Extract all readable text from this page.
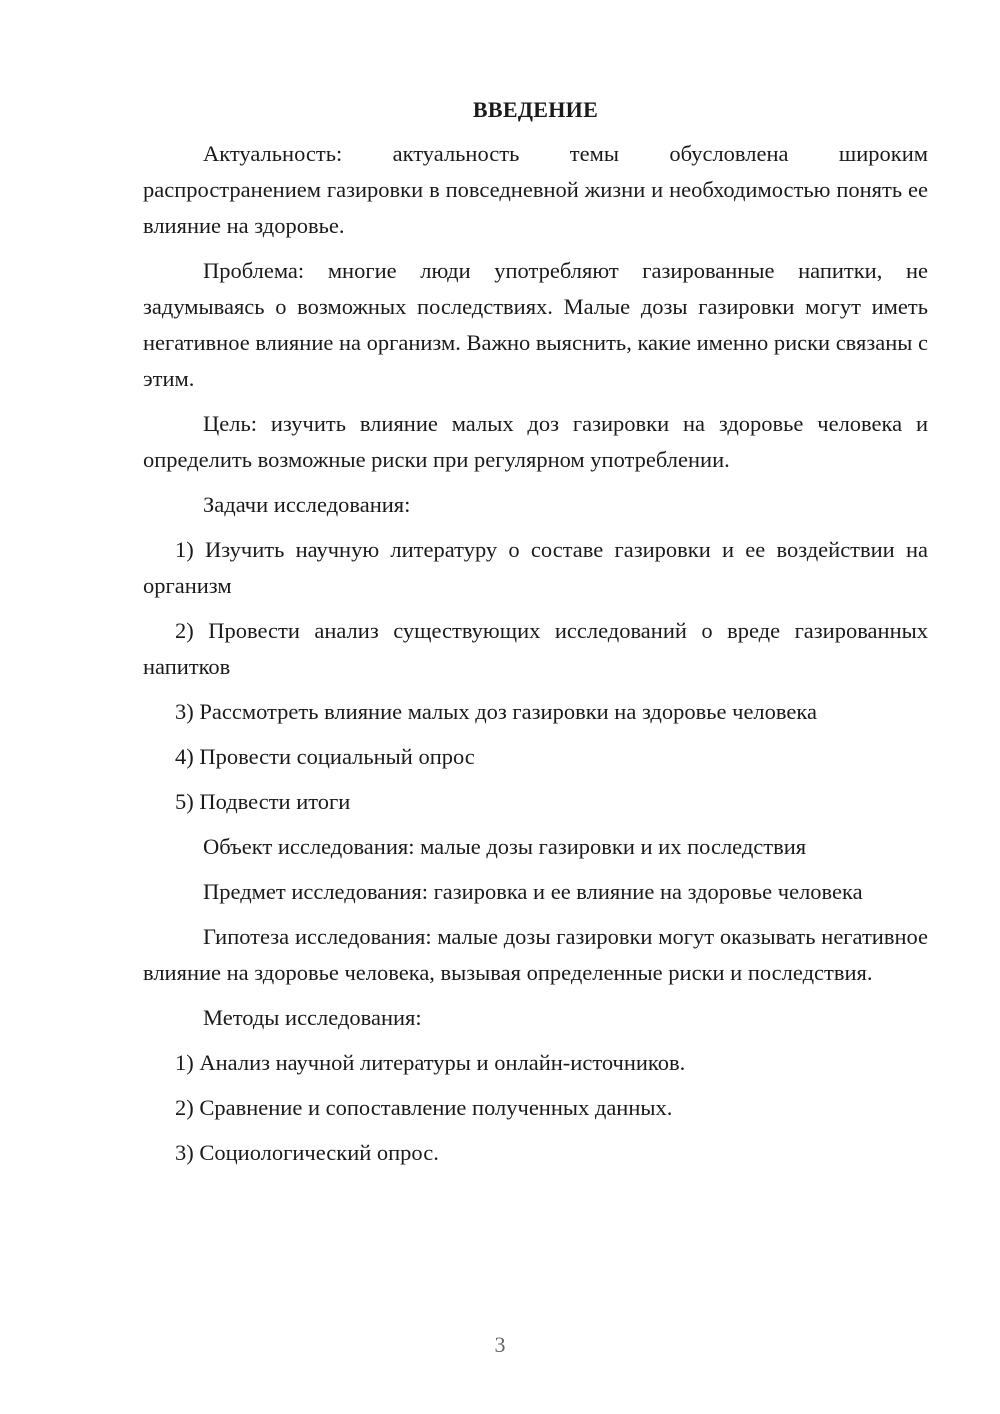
ВВЕДЕНИЕ
Актуальность: актуальность темы обусловлена широким распространением газировки в повседневной жизни и необходимостью понять ее влияние на здоровье.
Проблема: многие люди употребляют газированные напитки, не задумываясь о возможных последствиях. Малые дозы газировки могут иметь негативное влияние на организм. Важно выяснить, какие именно риски связаны с этим.
Цель: изучить влияние малых доз газировки на здоровье человека и определить возможные риски при регулярном употреблении.
Задачи исследования:
1) Изучить научную литературу о составе газировки и ее воздействии на организм
2) Провести анализ существующих исследований о вреде газированных напитков
3) Рассмотреть влияние малых доз газировки на здоровье человека
4) Провести социальный опрос
5) Подвести итоги
Объект исследования: малые дозы газировки и их последствия
Предмет исследования: газировка и ее влияние на здоровье человека
Гипотеза исследования: малые дозы газировки могут оказывать негативное влияние на здоровье человека, вызывая определенные риски и последствия.
Методы исследования:
1) Анализ научной литературы и онлайн-источников.
2) Сравнение и сопоставление полученных данных.
3) Социологический опрос.
3
